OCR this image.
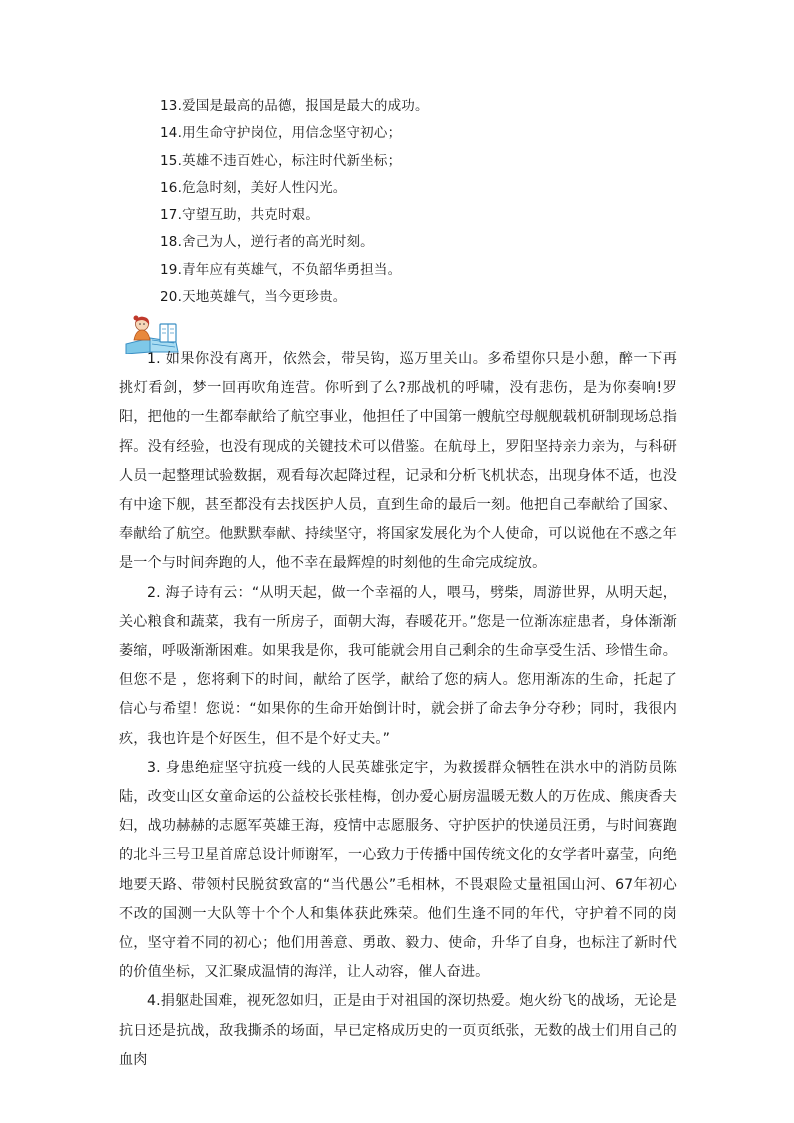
13.爱国是最高的品德，报国是最大的成功。
14.用生命守护岗位，用信念坚守初心；
15.英雄不违百姓心，标注时代新坐标；
16.危急时刻，美好人性闪光。
17.守望互助，共克时艰。
18.舍己为人，逆行者的高光时刻。
19.青年应有英雄气，不负韶华勇担当。
20.天地英雄气，当今更珍贵。

1. 如果你没有离开，依然会，带吴钩，巡万里关山。多希望你只是小憩，醉一下再挑灯看剑，梦一回再吹角连营。你听到了么?那战机的呼啸，没有悲伤，是为你奏响!罗阳，把他的一生都奉献给了航空事业，他担任了中国第一艘航空母舰舰载机研制现场总指挥。没有经验，也没有现成的关键技术可以借鉴。在航母上，罗阳坚持亲力亲为，与科研人员一起整理试验数据，观看每次起降过程，记录和分析飞机状态，出现身体不适，也没有中途下舰，甚至都没有去找医护人员，直到生命的最后一刻。他把自己奉献给了国家、奉献给了航空。他默默奉献、持续坚守，将国家发展化为个人使命，可以说他在不惑之年是一个与时间奔跑的人，他不幸在最辉煌的时刻他的生命完成绽放。

2. 海子诗有云：“从明天起，做一个幸福的人，喂马，劈柴，周游世界，从明天起，关心粮食和蔬菜，我有一所房子，面朝大海，春暖花开。”您是一位渐冻症患者，身体渐渐萎缩，呼吸渐渐困难。如果我是你，我可能就会用自己剩余的生命享受生活、珍惜生命。但您不是 ，您将剩下的时间，献给了医学，献给了您的病人。您用渐冻的生命，托起了信心与希望！您说：“如果你的生命开始倒计时，就会拼了命去争分夺秒；同时，我很内疚，我也许是个好医生，但不是个好丈夫。”

3. 身患绝症坚守抗疫一线的人民英雄张定宇，为救援群众牺牲在洪水中的消防员陈陆，改变山区女童命运的公益校长张桂梅，创办爱心厨房温暖无数人的万佐成、熊庚香夫妇，战功赫赫的志愿军英雄王海，疫情中志愿服务、守护医护的快递员汪勇，与时间赛跑的北斗三号卫星首席总设计师谢军，一心致力于传播中国传统文化的女学者叶嘉莹，向绝地要天路、带领村民脱贫致富的“当代愚公”毛相林，不畏艰险丈量祖国山河、67年初心不改的国测一大队等十个个人和集体获此殊荣。他们生逢不同的年代，守护着不同的岗位，坚守着不同的初心；他们用善意、勇敢、毅力、使命，升华了自身，也标注了新时代的价值坐标，又汇聚成温情的海洋，让人动容，催人奋进。

4.捐躯赴国难，视死忽如归，正是由于对祖国的深切热爱。炮火纷飞的战场，无论是抗日还是抗战，敌我撕杀的场面，早已定格成历史的一页页纸张，无数的战士们用自己的血肉
